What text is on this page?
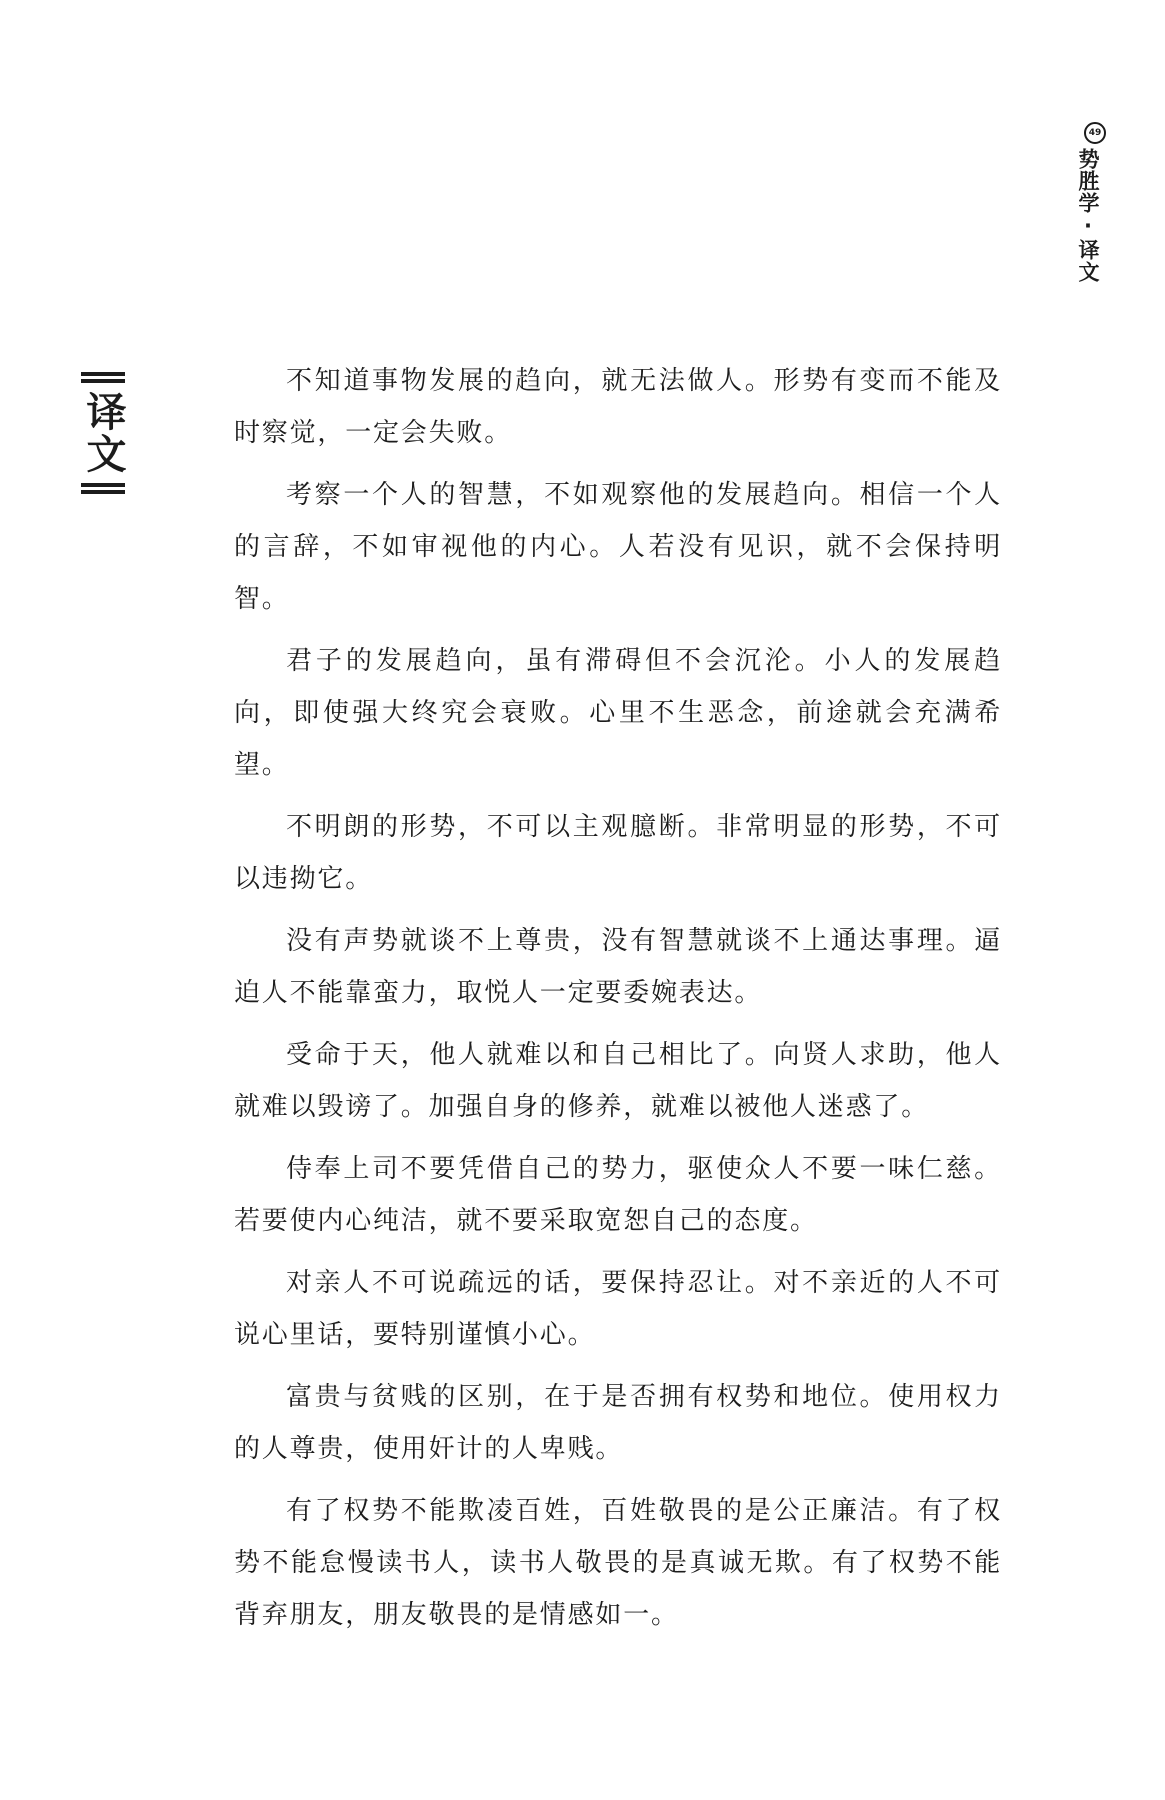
49
势胜学·译文
译文

不知道事物发展的趋向，就无法做人。形势有变而不能及时察觉，一定会失败。

考察一个人的智慧，不如观察他的发展趋向。相信一个人的言辞，不如审视他的内心。人若没有见识，就不会保持明智。

君子的发展趋向，虽有滞碍但不会沉沦。小人的发展趋向，即使强大终究会衰败。心里不生恶念，前途就会充满希望。

不明朗的形势，不可以主观臆断。非常明显的形势，不可以违拗它。

没有声势就谈不上尊贵，没有智慧就谈不上通达事理。逼迫人不能靠蛮力，取悦人一定要委婉表达。

受命于天，他人就难以和自己相比了。向贤人求助，他人就难以毁谤了。加强自身的修养，就难以被他人迷惑了。

侍奉上司不要凭借自己的势力，驱使众人不要一味仁慈。若要使内心纯洁，就不要采取宽恕自己的态度。

对亲人不可说疏远的话，要保持忍让。对不亲近的人不可说心里话，要特别谨慎小心。

富贵与贫贱的区别，在于是否拥有权势和地位。使用权力的人尊贵，使用奸计的人卑贱。

有了权势不能欺凌百姓，百姓敬畏的是公正廉洁。有了权势不能怠慢读书人，读书人敬畏的是真诚无欺。有了权势不能背弃朋友，朋友敬畏的是情感如一。
